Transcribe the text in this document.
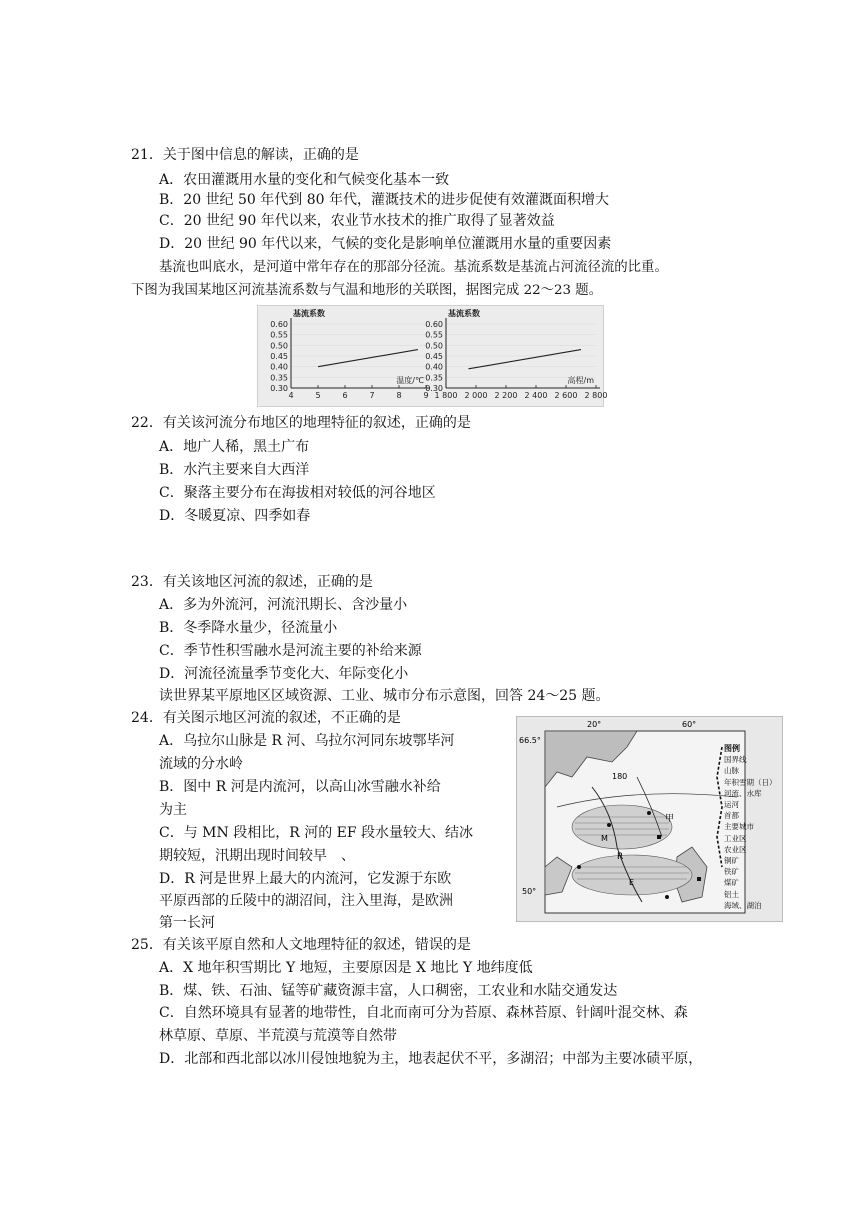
21．关于图中信息的解读，正确的是
A．农田灌溉用水量的变化和气候变化基本一致
B．20 世纪 50 年代到 80 年代，灌溉技术的进步促使有效灌溉面积增大
C．20 世纪 90 年代以来，农业节水技术的推广取得了显著效益
D．20 世纪 90 年代以来，气候的变化是影响单位灌溉用水量的重要因素
基流也叫底水，是河道中常年存在的那部分径流。基流系数是基流占河流径流的比重。
下图为我国某地区河流基流系数与气温和地形的关联图，据图完成 22～23 题。
0.30
0.35
0.40
0.45
0.50
0.55
0.60
4	5	6	7	8	9
基流系数
温度/℃
0.30
0.35
0.40
0.45
0.50
0.55
0.60
1 800 2 000 2 200 2 400 2 600 2 800
基流系数
高程/m
22．有关该河流分布地区的地理特征的叙述，正确的是
A．地广人稀，黑土广布
B．水汽主要来自大西洋
C．聚落主要分布在海拔相对较低的河谷地区
D．冬暖夏凉、四季如春
23．有关该地区河流的叙述，正确的是
A．多为外流河，河流汛期长、含沙量小
B．冬季降水量少，径流量小
C．季节性积雪融水是河流主要的补给来源
D．河流径流量季节变化大、年际变化小
读世界某平原地区区域资源、工业、城市分布示意图，回答 24～25 题。
24．有关图示地区河流的叙述，不正确的是
A．乌拉尔山脉是 R 河、乌拉尔河同东坡鄂毕河
流域的分水岭
B．图中 R 河是内流河，以高山冰雪融水补给
为主
C．与 MN 段相比，R 河的 EF 段水量较大、结冰
期较短，汛期出现时间较早　、
D．R 河是世界上最大的内流河，它发源于东欧
平原西部的丘陵中的湖沼间，注入里海，是欧洲
第一长河
66.5°
50°
20°	60°
180
甲
R
M
E
图例
国界线
山脉
年积雪期（日）
河流、水库
运河
首都
主要城市
工业区
农业区
铜矿
铁矿
煤矿
铝土
海域、湖泊
25．有关该平原自然和人文地理特征的叙述，错误的是
A．X 地年积雪期比 Y 地短，主要原因是 X 地比 Y 地纬度低
B．煤、铁、石油、锰等矿藏资源丰富，人口稠密，工农业和水陆交通发达
C．自然环境具有显著的地带性，自北而南可分为苔原、森林苔原、针阔叶混交林、森
林草原、草原、半荒漠与荒漠等自然带
D．北部和西北部以冰川侵蚀地貌为主，地表起伏不平，多湖沼；中部为主要冰碛平原，
